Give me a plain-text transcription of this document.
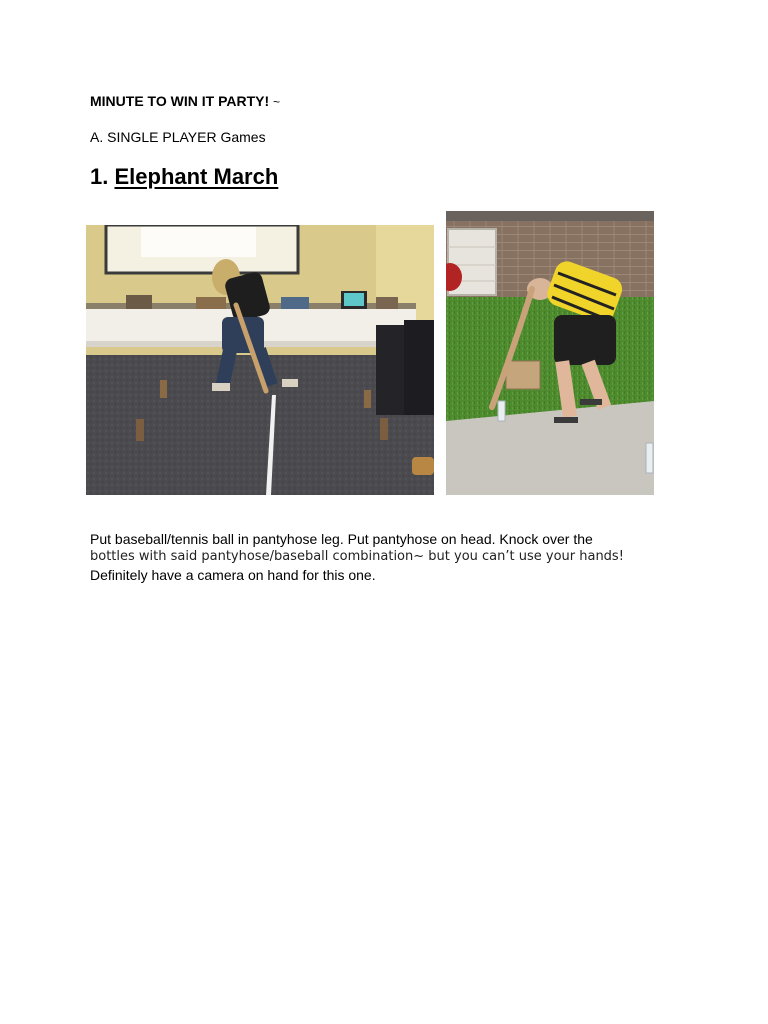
MINUTE TO WIN IT PARTY! ~
A. SINGLE PLAYER Games
1. Elephant March

Put baseball/tennis ball in pantyhose leg. Put pantyhose on head. Knock over the

bottles with said pantyhose/baseball combination~ but you can’t use your hands!

Definitely have a camera on hand for this one.
